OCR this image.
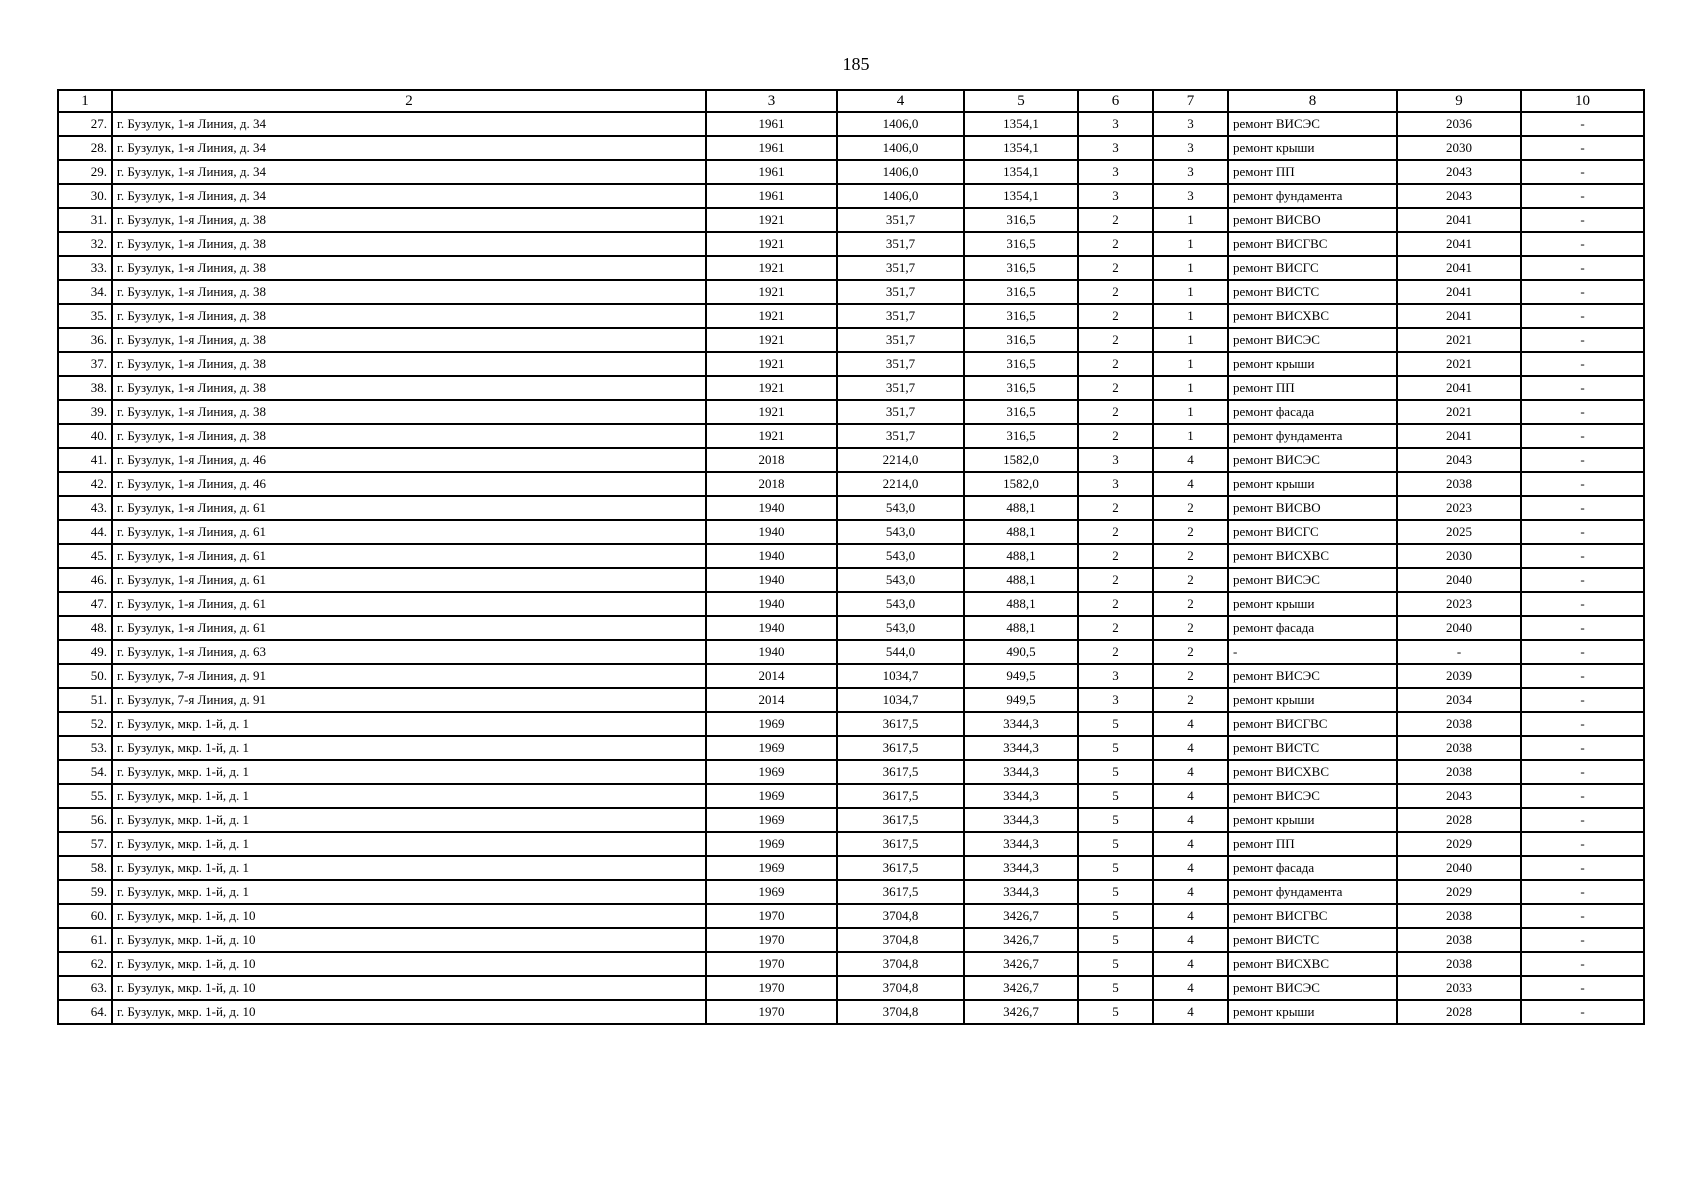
185
1	2	3	4	5	6	7	8	9	10
27.	г. Бузулук, 1-я Линия, д. 34	1961	1406,0	1354,1	3	3	ремонт ВИСЭС	2036	-
28.	г. Бузулук, 1-я Линия, д. 34	1961	1406,0	1354,1	3	3	ремонт крыши	2030	-
29.	г. Бузулук, 1-я Линия, д. 34	1961	1406,0	1354,1	3	3	ремонт ПП	2043	-
30.	г. Бузулук, 1-я Линия, д. 34	1961	1406,0	1354,1	3	3	ремонт фундамента	2043	-
31.	г. Бузулук, 1-я Линия, д. 38	1921	351,7	316,5	2	1	ремонт ВИСВО	2041	-
32.	г. Бузулук, 1-я Линия, д. 38	1921	351,7	316,5	2	1	ремонт ВИСГВС	2041	-
33.	г. Бузулук, 1-я Линия, д. 38	1921	351,7	316,5	2	1	ремонт ВИСГС	2041	-
34.	г. Бузулук, 1-я Линия, д. 38	1921	351,7	316,5	2	1	ремонт ВИСТС	2041	-
35.	г. Бузулук, 1-я Линия, д. 38	1921	351,7	316,5	2	1	ремонт ВИСХВС	2041	-
36.	г. Бузулук, 1-я Линия, д. 38	1921	351,7	316,5	2	1	ремонт ВИСЭС	2021	-
37.	г. Бузулук, 1-я Линия, д. 38	1921	351,7	316,5	2	1	ремонт крыши	2021	-
38.	г. Бузулук, 1-я Линия, д. 38	1921	351,7	316,5	2	1	ремонт ПП	2041	-
39.	г. Бузулук, 1-я Линия, д. 38	1921	351,7	316,5	2	1	ремонт фасада	2021	-
40.	г. Бузулук, 1-я Линия, д. 38	1921	351,7	316,5	2	1	ремонт фундамента	2041	-
41.	г. Бузулук, 1-я Линия, д. 46	2018	2214,0	1582,0	3	4	ремонт ВИСЭС	2043	-
42.	г. Бузулук, 1-я Линия, д. 46	2018	2214,0	1582,0	3	4	ремонт крыши	2038	-
43.	г. Бузулук, 1-я Линия, д. 61	1940	543,0	488,1	2	2	ремонт ВИСВО	2023	-
44.	г. Бузулук, 1-я Линия, д. 61	1940	543,0	488,1	2	2	ремонт ВИСГС	2025	-
45.	г. Бузулук, 1-я Линия, д. 61	1940	543,0	488,1	2	2	ремонт ВИСХВС	2030	-
46.	г. Бузулук, 1-я Линия, д. 61	1940	543,0	488,1	2	2	ремонт ВИСЭС	2040	-
47.	г. Бузулук, 1-я Линия, д. 61	1940	543,0	488,1	2	2	ремонт крыши	2023	-
48.	г. Бузулук, 1-я Линия, д. 61	1940	543,0	488,1	2	2	ремонт фасада	2040	-
49.	г. Бузулук, 1-я Линия, д. 63	1940	544,0	490,5	2	2	-	-	-
50.	г. Бузулук, 7-я Линия, д. 91	2014	1034,7	949,5	3	2	ремонт ВИСЭС	2039	-
51.	г. Бузулук, 7-я Линия, д. 91	2014	1034,7	949,5	3	2	ремонт крыши	2034	-
52.	г. Бузулук, мкр. 1-й, д. 1	1969	3617,5	3344,3	5	4	ремонт ВИСГВС	2038	-
53.	г. Бузулук, мкр. 1-й, д. 1	1969	3617,5	3344,3	5	4	ремонт ВИСТС	2038	-
54.	г. Бузулук, мкр. 1-й, д. 1	1969	3617,5	3344,3	5	4	ремонт ВИСХВС	2038	-
55.	г. Бузулук, мкр. 1-й, д. 1	1969	3617,5	3344,3	5	4	ремонт ВИСЭС	2043	-
56.	г. Бузулук, мкр. 1-й, д. 1	1969	3617,5	3344,3	5	4	ремонт крыши	2028	-
57.	г. Бузулук, мкр. 1-й, д. 1	1969	3617,5	3344,3	5	4	ремонт ПП	2029	-
58.	г. Бузулук, мкр. 1-й, д. 1	1969	3617,5	3344,3	5	4	ремонт фасада	2040	-
59.	г. Бузулук, мкр. 1-й, д. 1	1969	3617,5	3344,3	5	4	ремонт фундамента	2029	-
60.	г. Бузулук, мкр. 1-й, д. 10	1970	3704,8	3426,7	5	4	ремонт ВИСГВС	2038	-
61.	г. Бузулук, мкр. 1-й, д. 10	1970	3704,8	3426,7	5	4	ремонт ВИСТС	2038	-
62.	г. Бузулук, мкр. 1-й, д. 10	1970	3704,8	3426,7	5	4	ремонт ВИСХВС	2038	-
63.	г. Бузулук, мкр. 1-й, д. 10	1970	3704,8	3426,7	5	4	ремонт ВИСЭС	2033	-
64.	г. Бузулук, мкр. 1-й, д. 10	1970	3704,8	3426,7	5	4	ремонт крыши	2028	-
